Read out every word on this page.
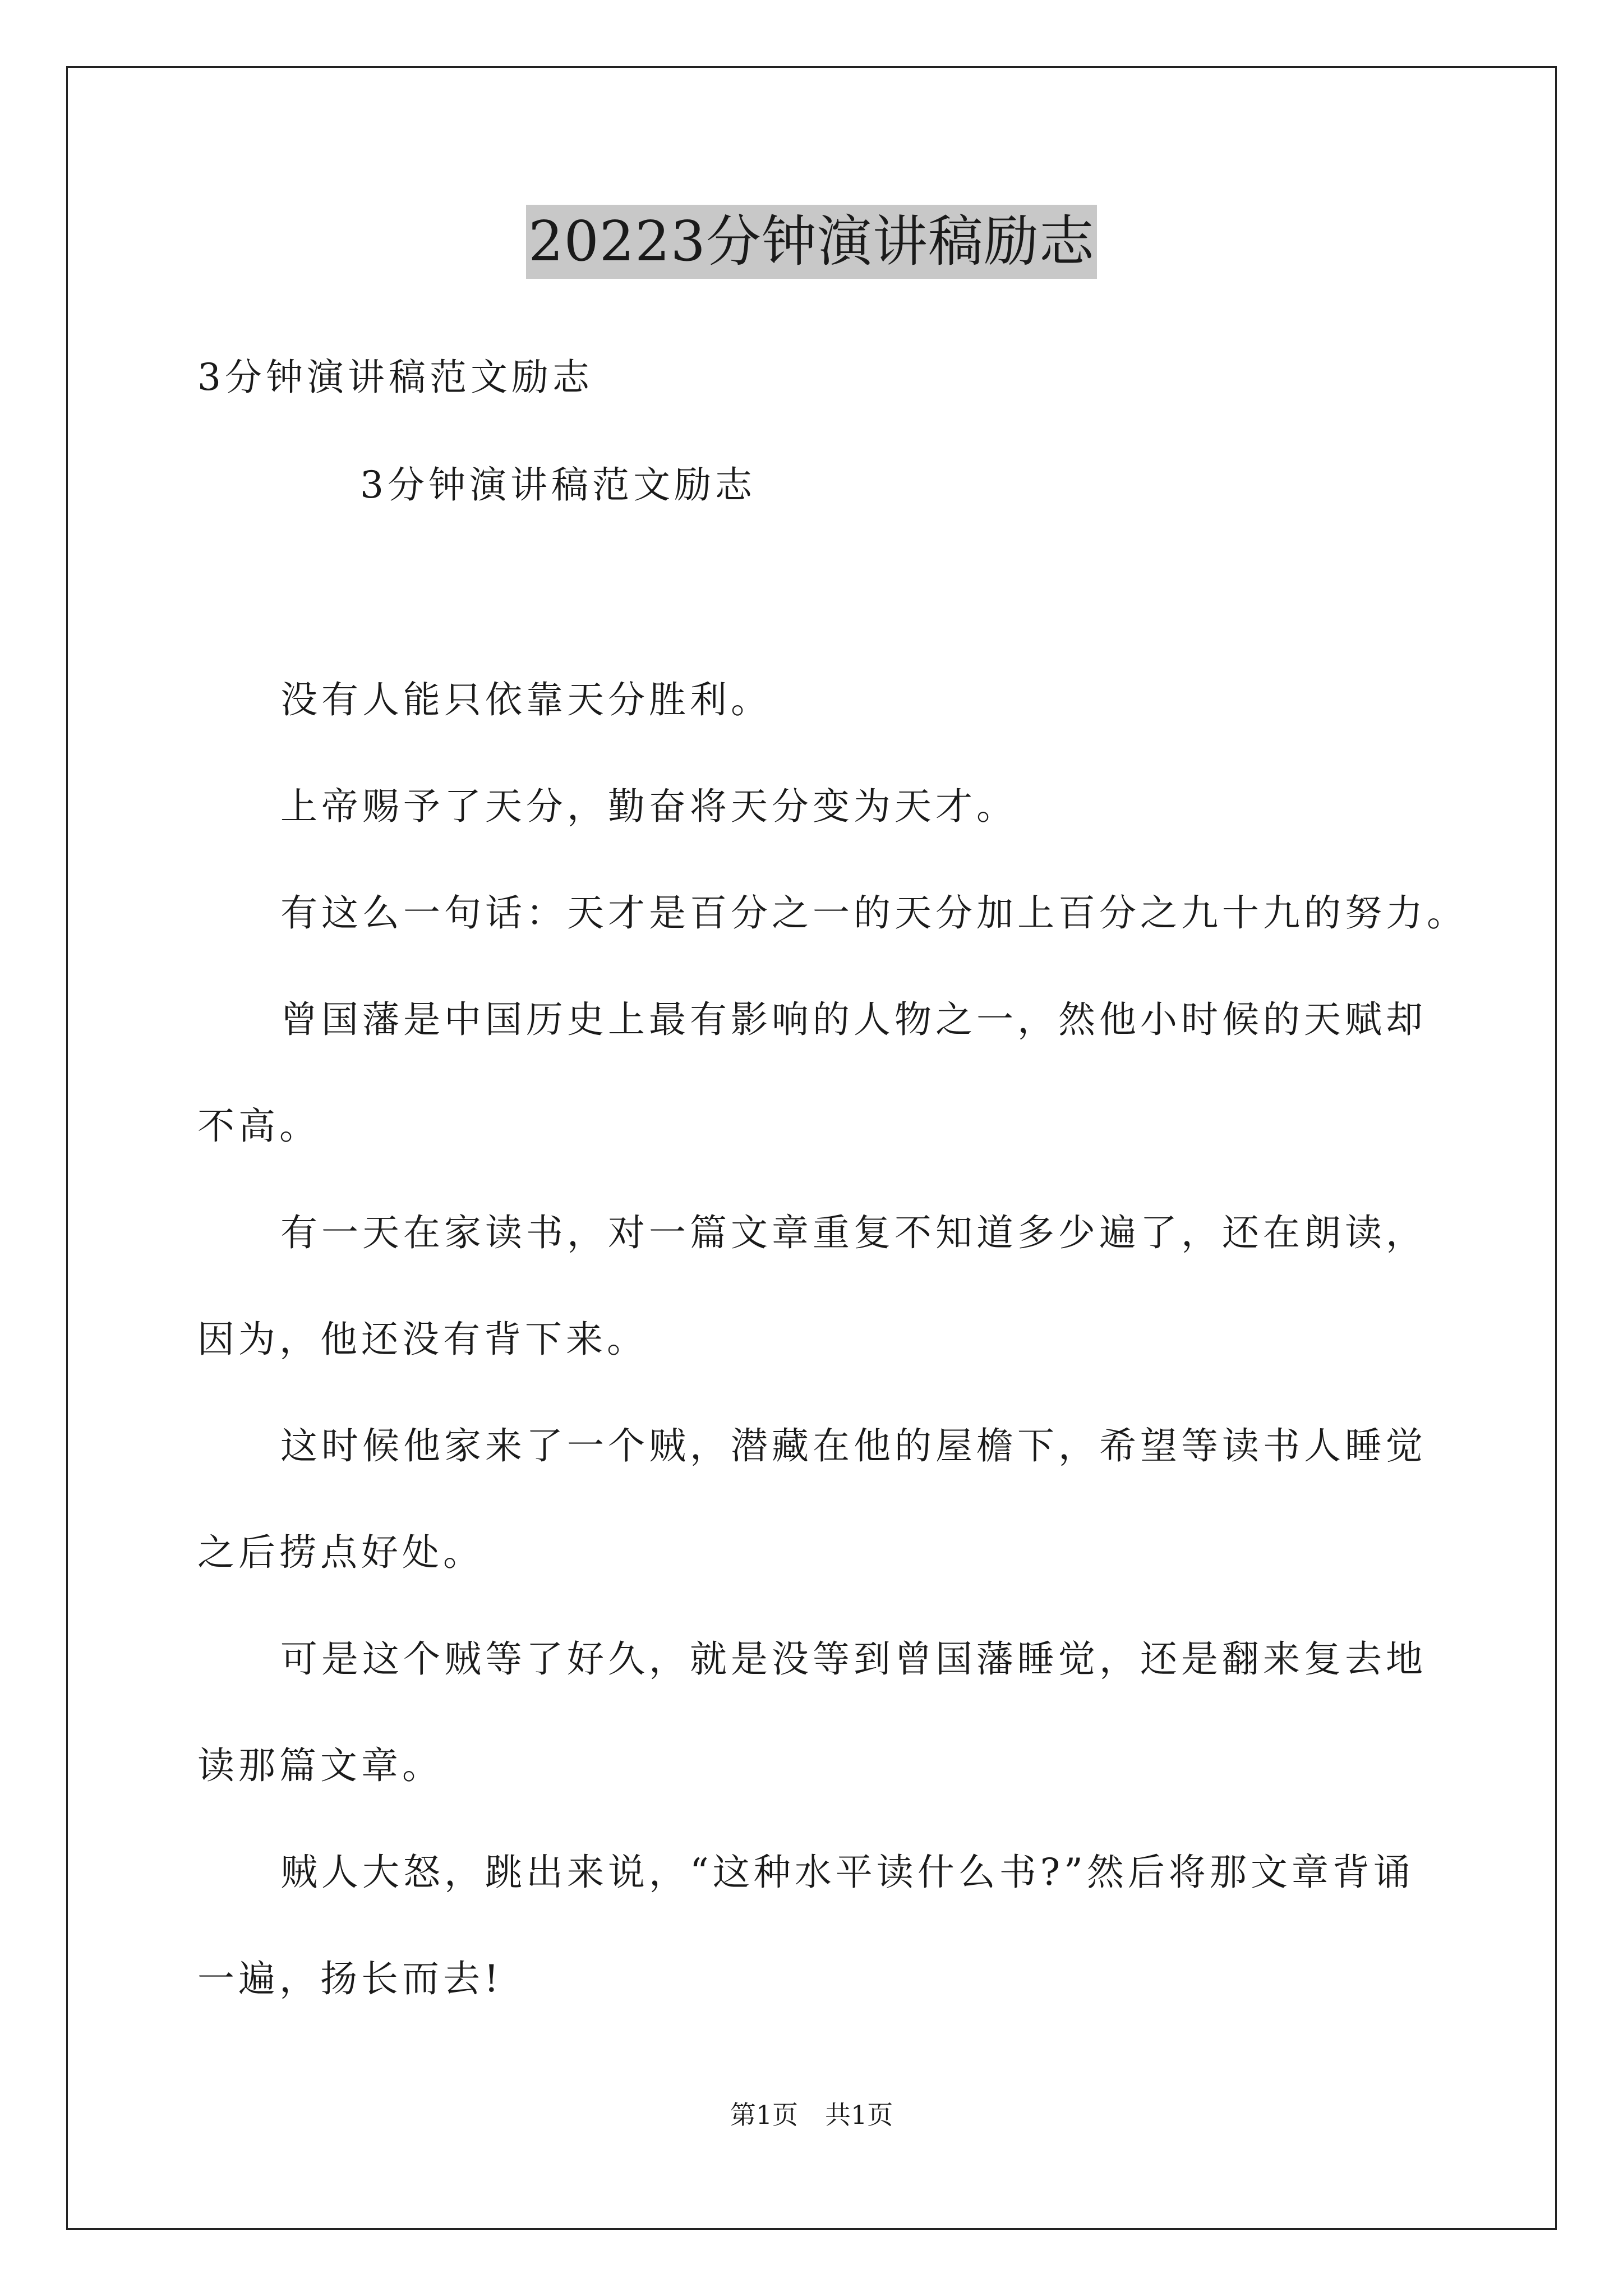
20223分钟演讲稿励志
3分钟演讲稿范文励志
3分钟演讲稿范文励志
没有人能只依靠天分胜利。
上帝赐予了天分，勤奋将天分变为天才。
有这么一句话：天才是百分之一的天分加上百分之九十九的努力。
曾国藩是中国历史上最有影响的人物之一，然他小时候的天赋却
不高。
有一天在家读书，对一篇文章重复不知道多少遍了，还在朗读，
因为，他还没有背下来。
这时候他家来了一个贼，潜藏在他的屋檐下，希望等读书人睡觉
之后捞点好处。
可是这个贼等了好久，就是没等到曾国藩睡觉，还是翻来复去地
读那篇文章。
贼人大怒，跳出来说，“这种水平读什么书?”然后将那文章背诵
一遍，扬长而去!
第1页 共1页
